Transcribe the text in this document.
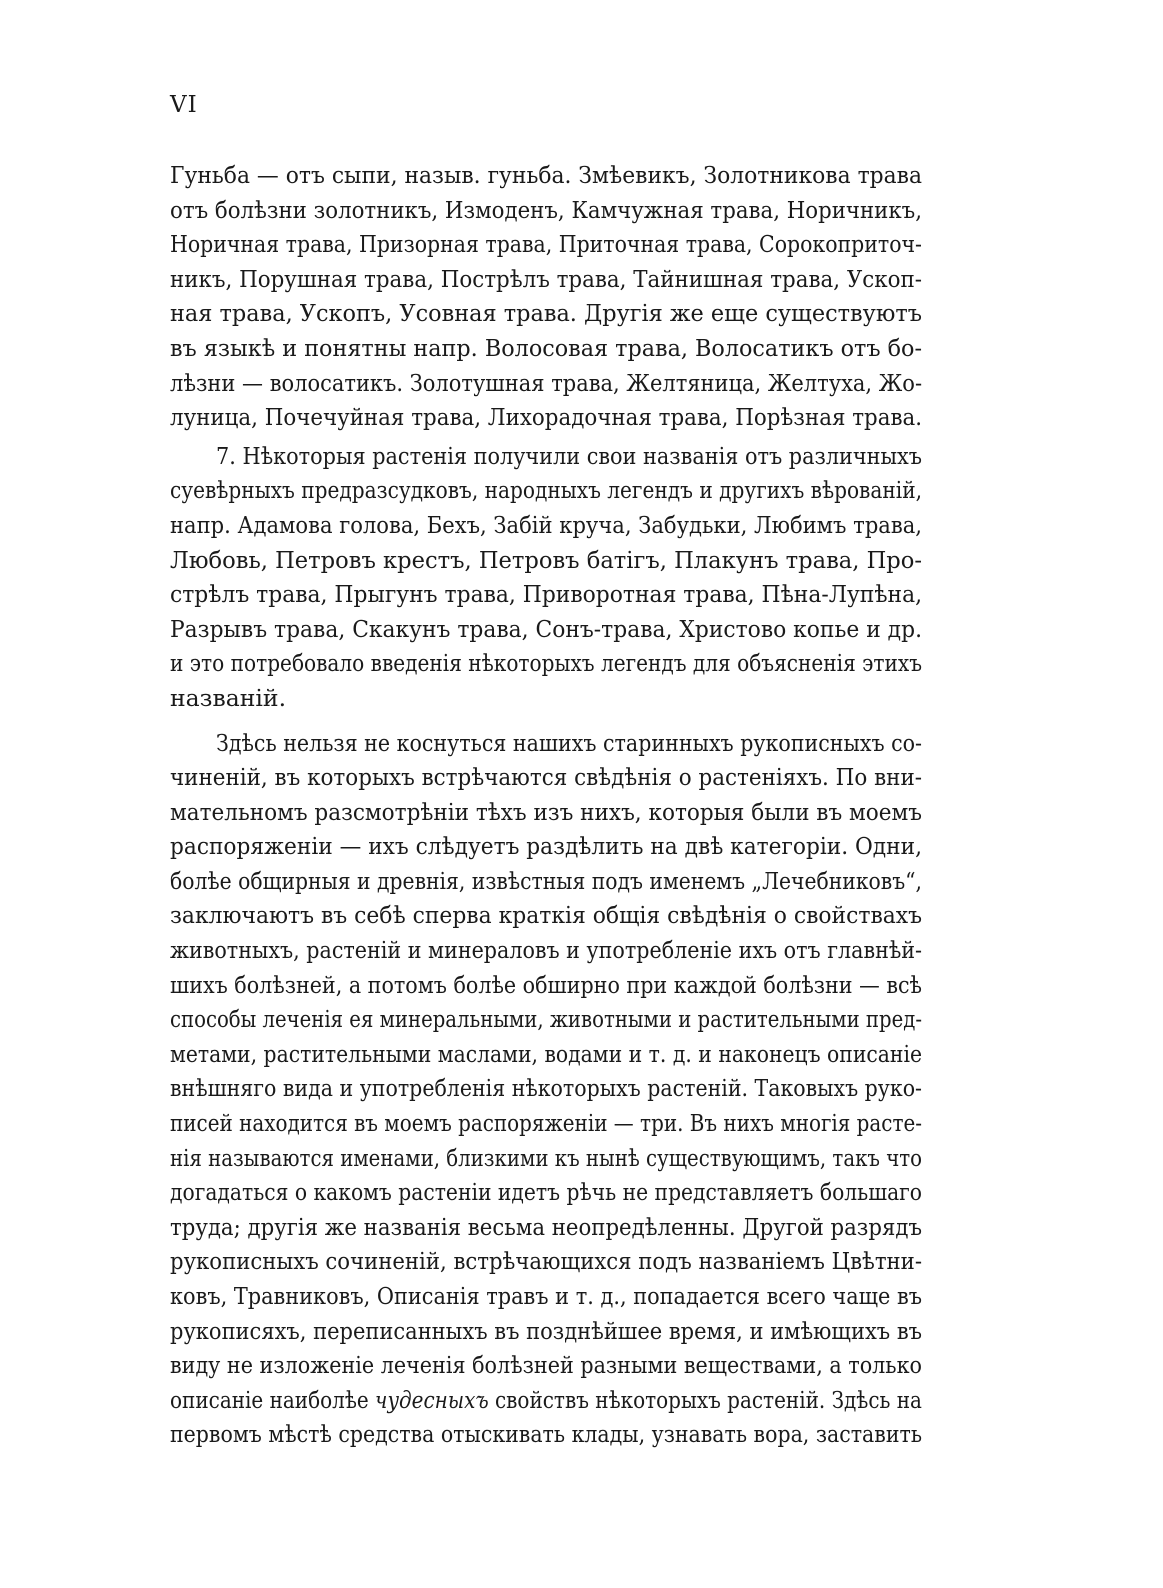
VI
Гуньба — отъ сыпи, назыв. гуньба. Змѣевикъ, Золотникова трава
отъ болѣзни золотникъ, Измоденъ, Камчужная трава, Норичникъ,
Норичная трава, Призорная трава, Приточная трава, Сорокоприточ-
никъ, Порушная трава, Пострѣлъ трава, Тайнишная трава, Ускоп-
ная трава, Ускопъ, Усовная трава. Другія же еще существуютъ
въ языкѣ и понятны напр. Волосовая трава, Волосатикъ отъ бо-
лѣзни — волосатикъ. Золотушная трава, Желтяница, Желтуха, Жо-
луница, Почечуйная трава, Лихорадочная трава, Порѣзная трава.
7. Нѣкоторыя растенія получили свои названія отъ различныхъ
суевѣрныхъ предразсудковъ, народныхъ легендъ и другихъ вѣрованій,
напр. Адамова голова, Бехъ, Забій круча, Забудьки, Любимъ трава,
Любовь, Петровъ крестъ, Петровъ батігъ, Плакунъ трава, Про-
стрѣлъ трава, Прыгунъ трава, Приворотная трава, Пѣна-Лупѣна,
Разрывъ трава, Скакунъ трава, Сонъ-трава, Христово копье и др.
и это потребовало введенія нѣкоторыхъ легендъ для объясненія этихъ
названій.
Здѣсь нельзя не коснуться нашихъ старинныхъ рукописныхъ со-
чиненій, въ которыхъ встрѣчаются свѣдѣнія о растеніяхъ. По вни-
мательномъ разсмотрѣніи тѣхъ изъ нихъ, которыя были въ моемъ
распоряженіи — ихъ слѣдуетъ раздѣлить на двѣ категоріи. Одни,
болѣе общирныя и древнія, извѣстныя подъ именемъ „Лечебниковъ“,
заключаютъ въ себѣ сперва краткія общія свѣдѣнія о свойствахъ
животныхъ, растеній и минераловъ и употребленіе ихъ отъ главнѣй-
шихъ болѣзней, а потомъ болѣе обширно при каждой болѣзни — всѣ
способы леченія ея минеральными, животными и растительными пред-
метами, растительными маслами, водами и т. д. и наконецъ описаніе
внѣшняго вида и употребленія нѣкоторыхъ растеній. Таковыхъ руко-
писей находится въ моемъ распоряженіи — три. Въ нихъ многія расте-
нія называются именами, близкими къ нынѣ существующимъ, такъ что
догадаться о какомъ растеніи идетъ рѣчь не представляетъ большаго
труда; другія же названія весьма неопредѣленны. Другой разрядъ
рукописныхъ сочиненій, встрѣчающихся подъ названіемъ Цвѣтни-
ковъ, Травниковъ, Описанія травъ и т. д., попадается всего чаще въ
рукописяхъ, переписанныхъ въ позднѣйшее время, и имѣющихъ въ
виду не изложеніе леченія болѣзней разными веществами, а только
описаніе наиболѣе чудесныхъ свойствъ нѣкоторыхъ растеній. Здѣсь на
первомъ мѣстѣ средства отыскивать клады, узнавать вора, заставить
